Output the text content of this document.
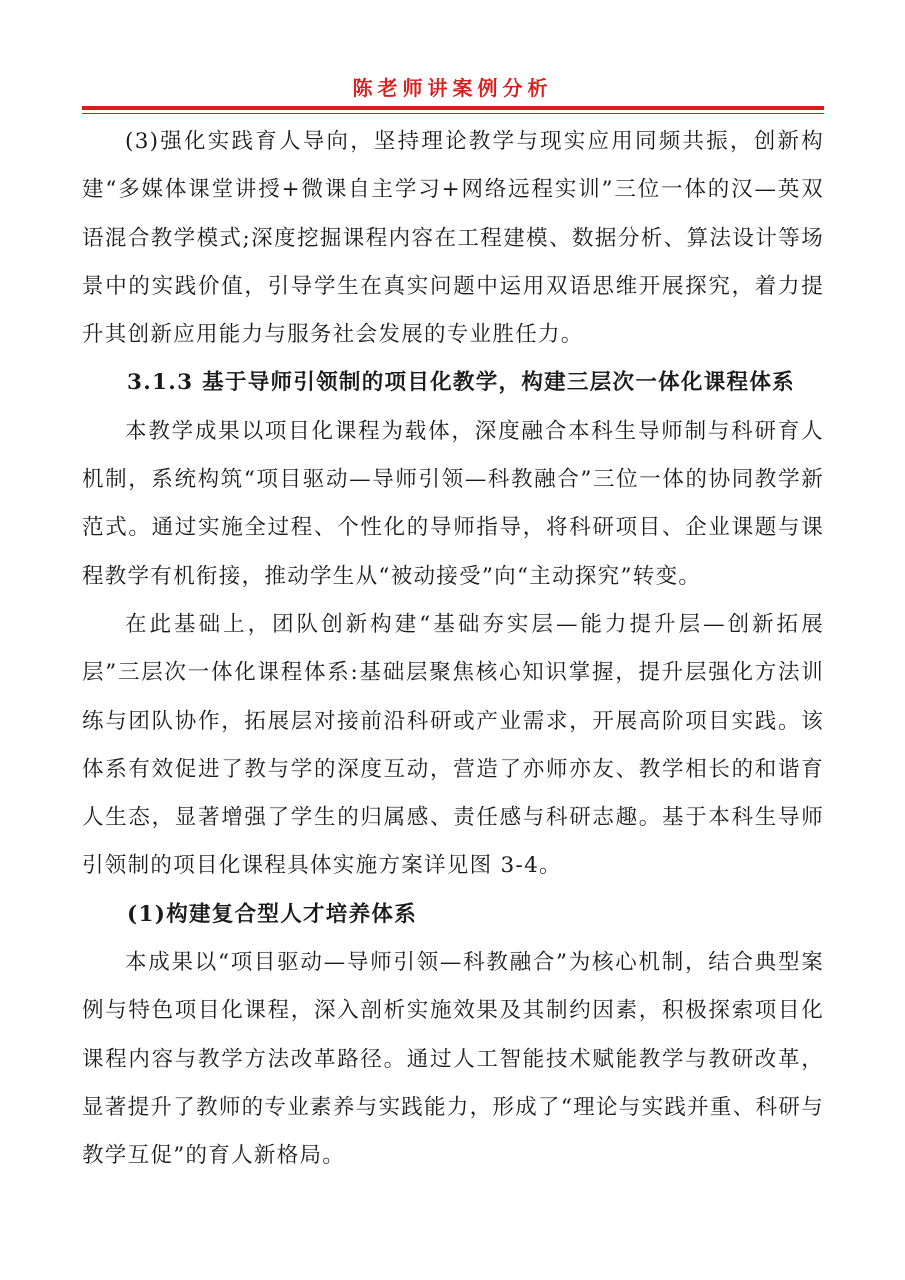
陈老师讲案例分析

(3)强化实践育人导向，坚持理论教学与现实应用同频共振，创新构建“多媒体课堂讲授+微课自主学习+网络远程实训”三位一体的汉—英双语混合教学模式;深度挖掘课程内容在工程建模、数据分析、算法设计等场景中的实践价值，引导学生在真实问题中运用双语思维开展探究，着力提升其创新应用能力与服务社会发展的专业胜任力。

3.1.3 基于导师引领制的项目化教学，构建三层次一体化课程体系

本教学成果以项目化课程为载体，深度融合本科生导师制与科研育人机制，系统构筑“项目驱动—导师引领—科教融合”三位一体的协同教学新范式。通过实施全过程、个性化的导师指导，将科研项目、企业课题与课程教学有机衔接，推动学生从“被动接受”向“主动探究”转变。

在此基础上，团队创新构建“基础夯实层—能力提升层—创新拓展层”三层次一体化课程体系:基础层聚焦核心知识掌握，提升层强化方法训练与团队协作，拓展层对接前沿科研或产业需求，开展高阶项目实践。该体系有效促进了教与学的深度互动，营造了亦师亦友、教学相长的和谐育人生态，显著增强了学生的归属感、责任感与科研志趣。基于本科生导师引领制的项目化课程具体实施方案详见图 3-4。

(1)构建复合型人才培养体系

本成果以“项目驱动—导师引领—科教融合”为核心机制，结合典型案例与特色项目化课程，深入剖析实施效果及其制约因素，积极探索项目化课程内容与教学方法改革路径。通过人工智能技术赋能教学与教研改革，显著提升了教师的专业素养与实践能力，形成了“理论与实践并重、科研与教学互促”的育人新格局。
